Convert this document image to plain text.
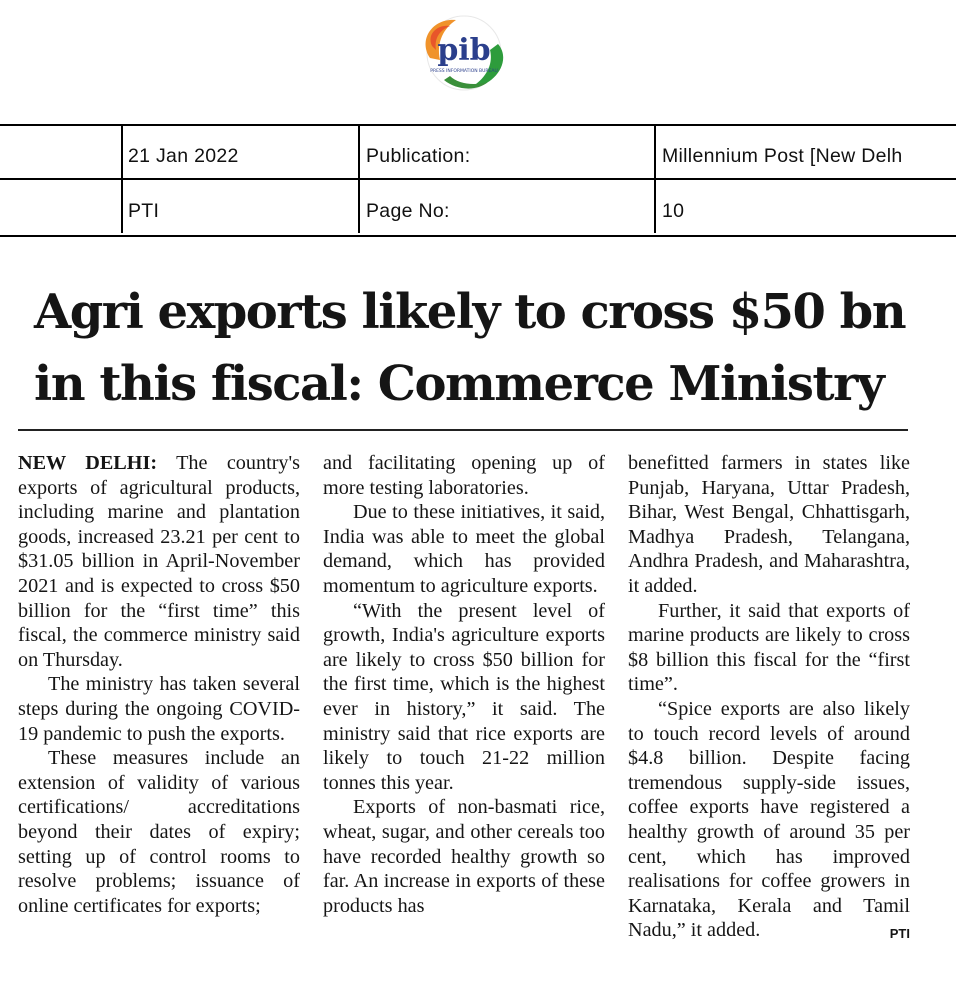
pib
PRESS INFORMATION BUREAU
21 Jan 2022	Publication:	Millennium Post [New Delh
PTI	Page No:	10
Agri exports likely to cross $50 bn
in this fiscal: Commerce Ministry

NEW DELHI: The country's exports of agricultural products, including marine and plantation goods, increased 23.21 per cent to $31.05 billion in April-November 2021 and is expected to cross $50 billion for the “first time” this fiscal, the commerce ministry said on Thursday.

The ministry has taken several steps during the ongoing COVID-19 pandemic to push the exports.

These measures include an extension of validity of various certifications/ accreditations beyond their dates of expiry; setting up of control rooms to resolve problems; issuance of online certificates for exports;

and facilitating opening up of more testing laboratories.

Due to these initiatives, it said, India was able to meet the global demand, which has provided momentum to agriculture exports.

“With the present level of growth, India's agriculture exports are likely to cross $50 billion for the first time, which is the highest ever in history,” it said. The ministry said that rice exports are likely to touch 21-22 million tonnes this year.

Exports of non-basmati rice, wheat, sugar, and other cereals too have recorded healthy growth so far. An increase in exports of these products has

benefitted farmers in states like Punjab, Haryana, Uttar Pradesh, Bihar, West Bengal, Chhattisgarh, Madhya Pradesh, Telangana, Andhra Pradesh, and Maharashtra, it added.

Further, it said that exports of marine products are likely to cross $8 billion this fiscal for the “first time”.

“Spice exports are also likely to touch record levels of around $4.8 billion. Despite facing tremendous supply-side issues, coffee exports have registered a healthy growth of around 35 per cent, which has improved realisations for coffee growers in Karnataka, Kerala and Tamil Nadu,” it added.	PTI
